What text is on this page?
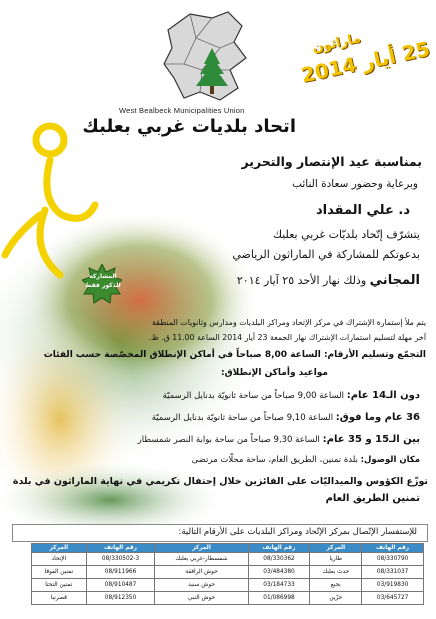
ماراثون
25 أيار 2014
West Bealbeck Municipalities Union
اتحاد بلديات غربي بعلبك
بمناسبة عيد الإنتصار والتحرير
وبرعاية وحضور سعادة النائب
د. علي المقداد
يتشرّف إتّحاد بلديّات غربي بعلبك
بدعوتكم للمشاركة في الماراثون الرياضي
المجاني وذلك نهار الأحد ٢٥ آيار ٢٠١٤
المشاركة
للذكور فقط
يتم ملأ إستمارة الإشتراك في مركز الإتحاد ومراكز البلديات ومدارس وثانويات المنطقة
آخر مهلة لتسليم استمارات الإشتراك نهار الجمعة 23 أيار 2014 الساعة 11.00 ق. ظ.
التجمّع وتسليم الأرقام: الساعة 8,00 صباحاً في أماكن الإنطلاق المخصّصة حسب الفئات
مواعيد وأماكن الإنطلاق:
دون الـ14 عام: الساعة 9,00 صباحاً من ساحة ثانويّة بدنايل الرسميّة
36 عام وما فوق: الساعة 9,10 صباحاً من ساحة ثانويّة بدنايل الرسميّة
بين الـ15 و 35 عام: الساعة 9,30 صباحاً من ساحة بوابة النصر شمسطار
مكان الوصول: بلدة تمنين، الطريق العام، ساحة محلّات مرتضى
توزّع الكؤوس والميداليّات على الفائزين خلال إحتفال تكريمي في نهاية الماراثون في بلدة
تمنين الطريق العام
للإستفسار الإتّصال بمركز الإتّحاد ومراكز البلديات على الأرقام التالية:
رقم الهاتف	المركز	رقم الهاتف	المركز	رقم الهاتف	المركز
08/330790	طاريا	08/330362	شمسطار-غربي بعلبك	08/330502-3	الإتحاد
08/331037	حدث بعلبك	03/484380	حوش الرافقة	08/911966	تمنين الفوقا
03/919830	بجبع	03/184733	حوش سنيد	08/910487	تمنين التحتا
03/645727	حزّين	01/086998	حوش النبي	08/912350	قصرنبا
